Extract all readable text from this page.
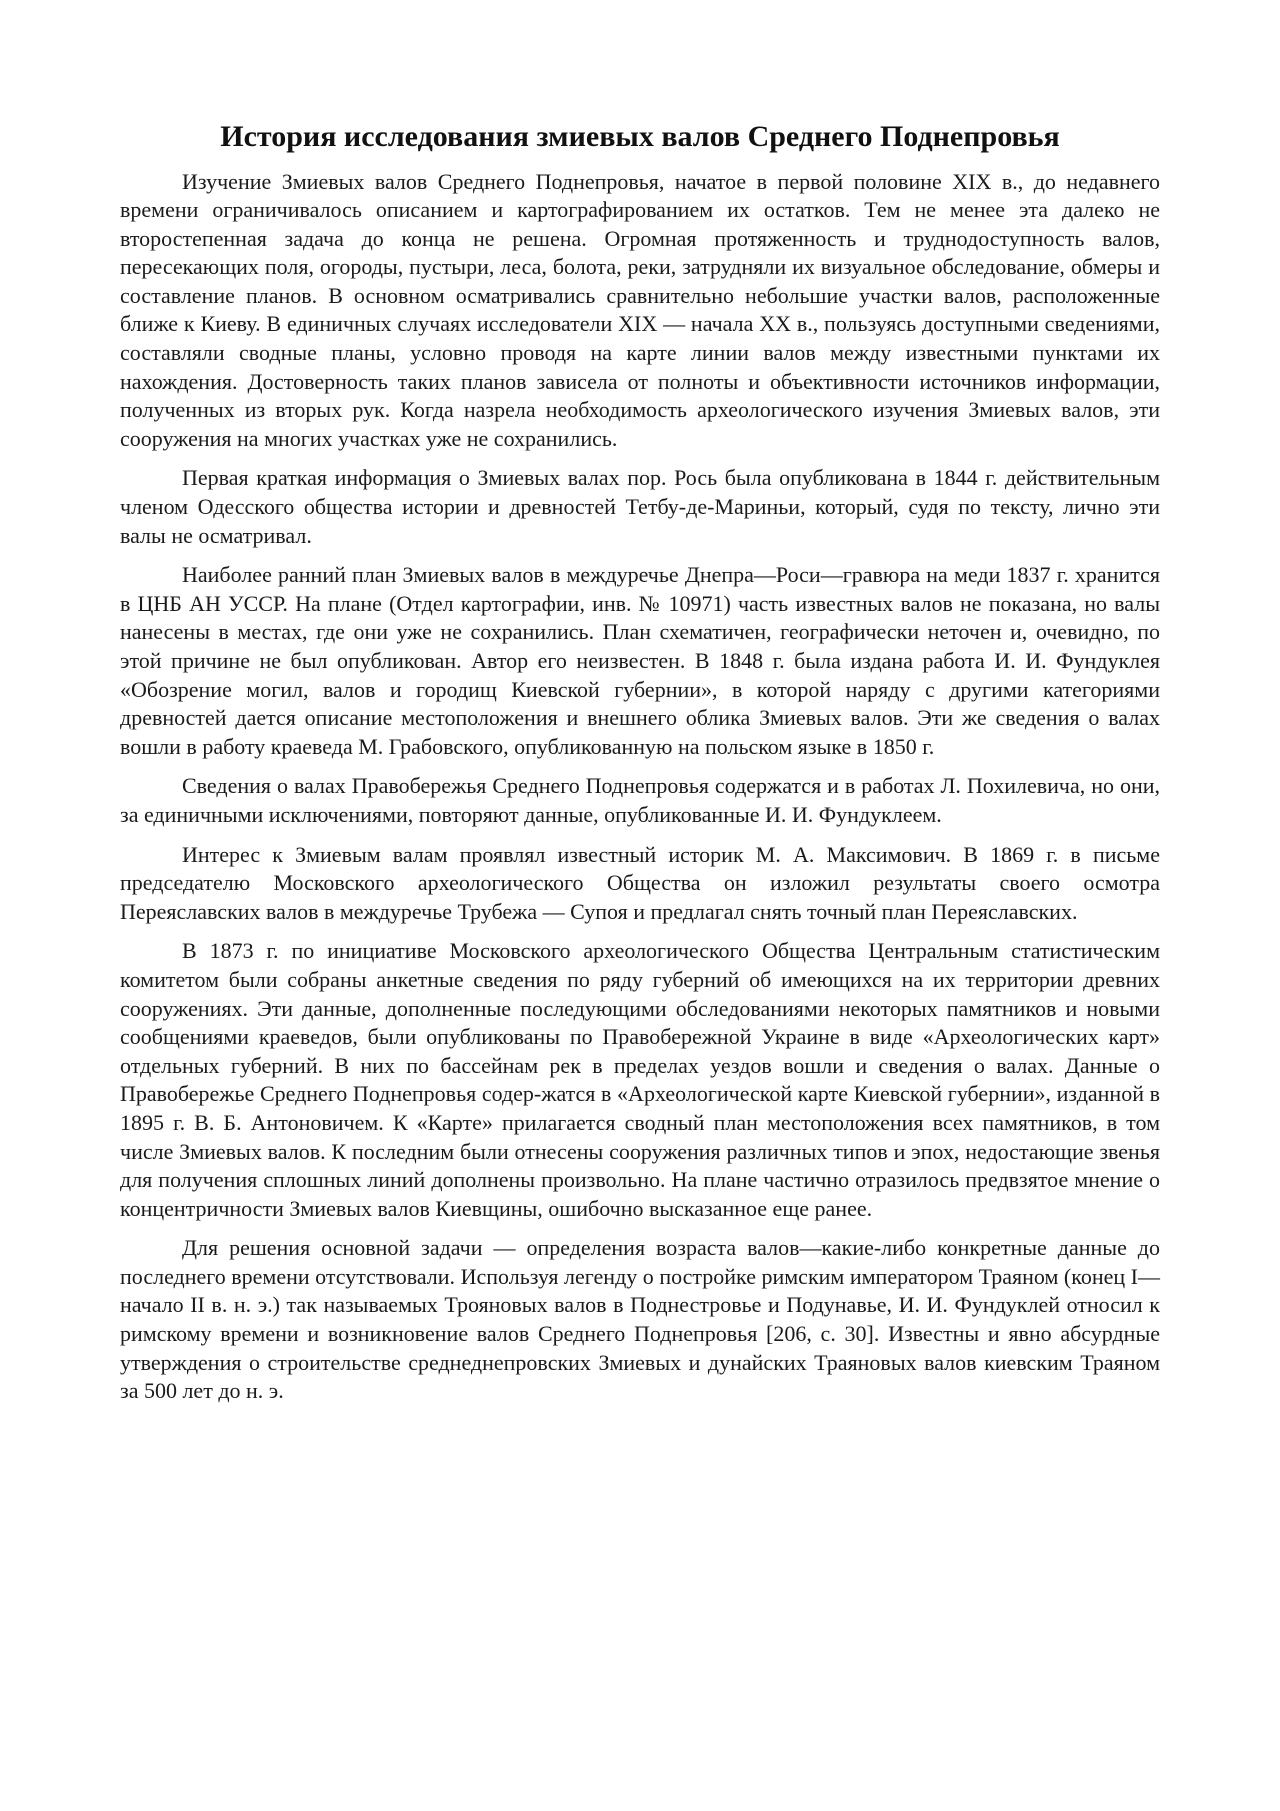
История исследования змиевых валов Среднего Поднепровья

Изучение Змиевых валов Среднего Поднепровья, начатое в первой половине XIX в., до недавнего времени ограничивалось описанием и картографированием их остатков. Тем не менее эта далеко не второстепенная задача до конца не решена. Огромная протяженность и труднодоступность валов, пересекающих поля, огороды, пустыри, леса, болота, реки, затрудняли их визуальное обследование, обмеры и составление планов. В основном осматривались сравнительно небольшие участки валов, расположенные ближе к Киеву. В единичных случаях исследователи XIX — начала XX в., пользуясь доступными сведениями, составляли сводные планы, условно проводя на карте линии валов между известными пунктами их нахождения. Достоверность таких планов зависела от полноты и объективности источников информации, полученных из вторых рук. Когда назрела необходимость археологического изучения Змиевых валов, эти сооружения на многих участках уже не сохранились.

Первая краткая информация о Змиевых валах пор. Рось была опубликована в 1844 г. действительным членом Одесского общества истории и древностей Тетбу-де-Мариньи, который, судя по тексту, лично эти валы не осматривал.

Наиболее ранний план Змиевых валов в междуречье Днепра—Роси—гравюра на меди 1837 г. хранится в ЦНБ АН УССР. На плане (Отдел картографии, инв. № 10971) часть известных валов не показана, но валы нанесены в местах, где они уже не сохранились. План схематичен, географически неточен и, очевидно, по этой причине не был опубликован. Автор его неизвестен. В 1848 г. была издана работа И. И. Фундуклея «Обозрение могил, валов и городищ Киевской губернии», в которой наряду с другими категориями древностей дается описание местоположения и внешнего облика Змиевых валов. Эти же сведения о валах вошли в работу краеведа М. Грабовского, опубликованную на польском языке в 1850 г.

Сведения о валах Правобережья Среднего Поднепровья содержатся и в работах Л. Похилевича, но они, за единичными исключениями, повторяют данные, опубликованные И. И. Фундуклеем.

Интерес к Змиевым валам проявлял известный историк М. А. Максимович. В 1869 г. в письме председателю Московского археологического Общества он изложил результаты своего осмотра Переяславских валов в междуречье Трубежа — Супоя и предлагал снять точный план Переяславских.

В 1873 г. по инициативе Московского археологического Общества Центральным статистическим комитетом были собраны анкетные сведения по ряду губерний об имеющихся на их территории древних сооружениях. Эти данные, дополненные последующими обследованиями некоторых памятников и новыми сообщениями краеведов, были опубликованы по Правобережной Украине в виде «Археологических карт» отдельных губерний. В них по бассейнам рек в пределах уездов вошли и сведения о валах. Данные о Правобережье Среднего Поднепровья содер-жатся в «Археологической карте Киевской губернии», изданной в 1895 г. В. Б. Антоновичем. К «Карте» прилагается сводный план местоположения всех памятников, в том числе Змиевых валов. К последним были отнесены сооружения различных типов и эпох, недостающие звенья для получения сплошных линий дополнены произвольно. На плане частично отразилось предвзятое мнение о концентричности Змиевых валов Киевщины, ошибочно высказанное еще ранее.

Для решения основной задачи — определения возраста валов—какие-либо конкретные данные до последнего времени отсутствовали. Используя легенду о постройке римским императором Траяном (конец I—начало II в. н. э.) так называемых Трояновых валов в Поднестровье и Подунавье, И. И. Фундуклей относил к римскому времени и возникновение валов Среднего Поднепровья [206, с. 30]. Известны и явно абсурдные утверждения о строительстве среднеднепровских Змиевых и дунайских Траяновых валов киевским Траяном за 500 лет до н. э.
